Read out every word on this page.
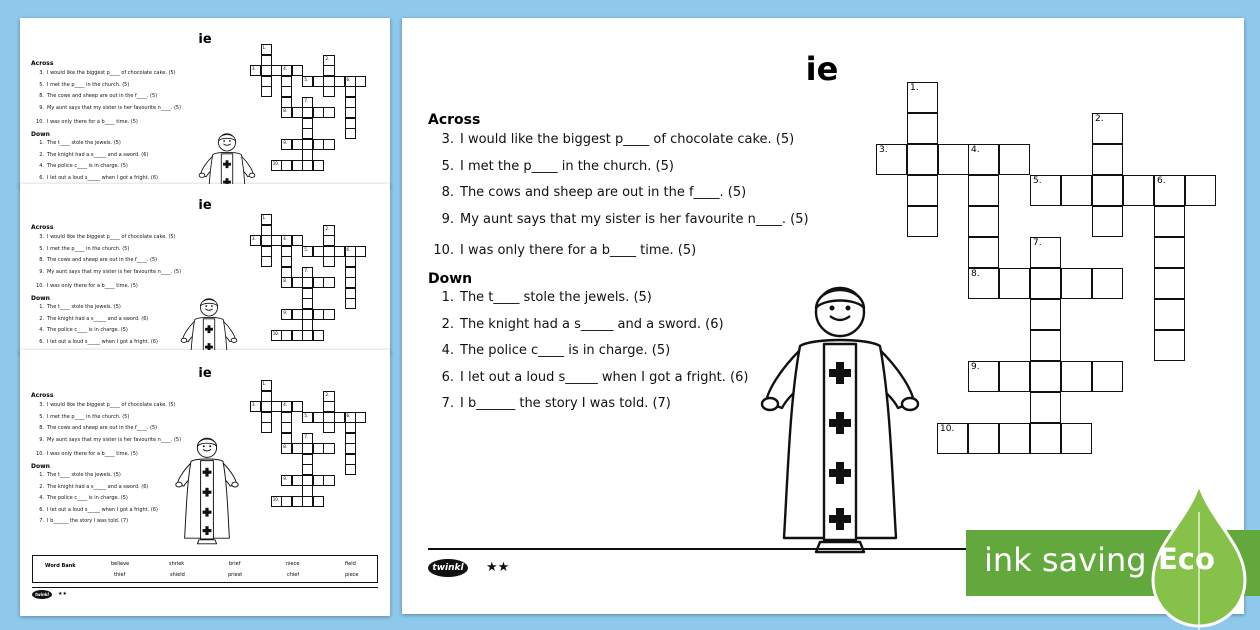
ie
Across
3. I would like the biggest p____ of chocolate cake. (5)
5. I met the p____ in the church. (5)
8. The cows and sheep are out in the f____. (5)
9. My aunt says that my sister is her favourite n____. (5)
10. I was only there for a b____ time. (5)
Down
1. The t____ stole the jewels. (5)
2. The knight had a s_____ and a sword. (6)
4. The police c____ is in charge. (5)
6. I let out a loud s_____ when I got a fright. (6)
1.
3.	4.
8.
2.
5.	6.
7.
9.
10.
ie
Across
3. I would like the biggest p____ of chocolate cake. (5)
5. I met the p____ in the church. (5)
8. The cows and sheep are out in the f____. (5)
9. My aunt says that my sister is her favourite n____. (5)
10. I was only there for a b____ time. (5)
Down
1. The t____ stole the jewels. (5)
2. The knight had a s_____ and a sword. (6)
4. The police c____ is in charge. (5)
6. I let out a loud s_____ when I got a fright. (6)
1.
3.	4.
8.
2.
5.	6.
7.
9.
10.
ie
Across
3. I would like the biggest p____ of chocolate cake. (5)
5. I met the p____ in the church. (5)
8. The cows and sheep are out in the f____. (5)
9. My aunt says that my sister is her favourite n____. (5)
10. I was only there for a b____ time. (5)
Down
1. The t____ stole the jewels. (5)
2. The knight had a s_____ and a sword. (6)
4. The police c____ is in charge. (5)
6. I let out a loud s_____ when I got a fright. (6)
7. I b______ the story I was told. (7)
1.
3.	4.
8.
2.
5.	6.
7.
9.
10.
Word Bank	believe	shriek	brief	niece	field
thief	shield	priest	chief	piece
twinkl	★★
ie
Across
3. I would like the biggest p____ of chocolate cake. (5)
5. I met the p____ in the church. (5)
8. The cows and sheep are out in the f____. (5)
9. My aunt says that my sister is her favourite n____. (5)
10. I was only there for a b____ time. (5)
Down
1. The t____ stole the jewels. (5)
2. The knight had a s_____ and a sword. (6)
4. The police c____ is in charge. (5)
6. I let out a loud s_____ when I got a fright. (6)
7. I b______ the story I was told. (7)
1.
3.	4.
8.
2.
5.	6.
7.
9.
10.
twinkl	★★	ink saving Eco
